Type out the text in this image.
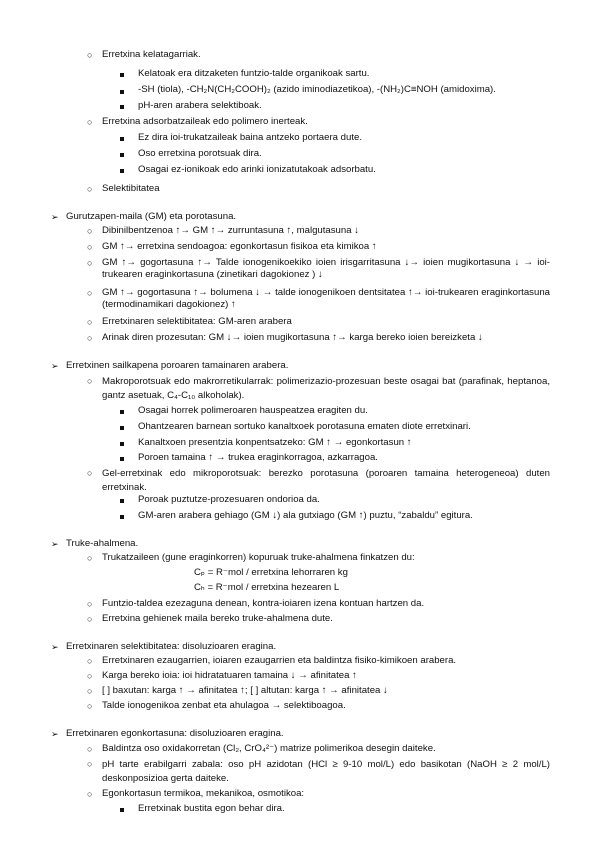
○ Erretxina kelatagarriak.
Kelatoak era ditzaketen funtzio-talde organikoak sartu.
-SH (tiola), -CH₂N(CH₂COOH)₂ (azido iminodiazetikoa), -(NH₂)C≡NOH (amidoxima).
pH-aren arabera selektiboak.
○ Erretxina adsorbatzaileak edo polimero inerteak.
Ez dira ioi-trukatzaileak baina antzeko portaera dute.
Oso erretxina porotsuak dira.
Osagai ez-ionikoak edo arinki ionizatutakoak adsorbatu.
○ Selektibitatea
➢ Gurutzapen-maila (GM) eta porotasuna.
○ Dibinilbentzenoa ↑→ GM ↑→ zurruntasuna ↑, malgutasuna ↓
○ GM ↑→ erretxina sendoagoa: egonkortasun fisikoa eta kimikoa ↑
○ GM ↑→ gogortasuna ↑→ Talde ionogenikoekiko ioien irisgarritasuna ↓→ ioien mugikortasuna ↓ → ioi-trukearen eraginkortasuna (zinetikari dagokionez ) ↓
○ GM ↑→ gogortasuna ↑→ bolumena ↓ → talde ionogenikoen dentsitatea ↑→ ioi-trukearen eraginkortasuna (termodinamikari dagokionez) ↑
○ Erretxinaren selektibitatea: GM-aren arabera
○ Arinak diren prozesutan: GM ↓→ ioien mugikortasuna ↑→ karga bereko ioien bereizketa ↓
➢ Erretxinen sailkapena poroaren tamainaren arabera.
○ Makroporotsuak edo makrorretikularrak: polimerizazio-prozesuan beste osagai bat (parafinak, heptanoa, gantz asetuak, C₄-C₁₀ alkoholak).
Osagai horrek polimeroaren hauspeatzea eragiten du.
Ohantzearen barnean sortuko kanaltxoek porotasuna ematen diote erretxinari.
Kanaltxoen presentzia konpentsatzeko: GM ↑ → egonkortasun ↑
Poroen tamaina ↑ → trukea eraginkorragoa, azkarragoa.
○ Gel-erretxinak edo mikroporotsuak: berezko porotasuna (poroaren tamaina heterogeneoa) duten erretxinak.
Poroak puztutze-prozesuaren ondorioa da.
GM-aren arabera gehiago (GM ↓) ala gutxiago (GM ↑) puztu, “zabaldu” egitura.
➢ Truke-ahalmena.
○ Trukatzaileen (gune eraginkorren) kopuruak truke-ahalmena finkatzen du:
Cₚ = R⁻mol / erretxina lehorraren kg
Cₕ = R⁻mol / erretxina hezearen L
○ Funtzio-taldea ezezaguna denean, kontra-ioiaren izena kontuan hartzen da.
○ Erretxina gehienek maila bereko truke-ahalmena dute.
➢ Erretxinaren selektibitatea: disoluzioaren eragina.
○ Erretxinaren ezaugarrien, ioiaren ezaugarrien eta baldintza fisiko-kimikoen arabera.
○ Karga bereko ioia: ioi hidratatuaren tamaina ↓ → afinitatea ↑
○ [ ] baxutan: karga ↑ → afinitatea ↑; [ ] altutan: karga ↑ → afinitatea ↓
○ Talde ionogenikoa zenbat eta ahulagoa → selektiboagoa.
➢ Erretxinaren egonkortasuna: disoluzioaren eragina.
○ Baldintza oso oxidakorretan (Cl₂, CrO₄²⁻) matrize polimerikoa desegin daiteke.
○ pH tarte erabilgarri zabala: oso pH azidotan (HCl ≥ 9-10 mol/L) edo basikotan (NaOH ≥ 2 mol/L) deskonposizioa gerta daiteke.
○ Egonkortasun termikoa, mekanikoa, osmotikoa:
Erretxinak bustita egon behar dira.
